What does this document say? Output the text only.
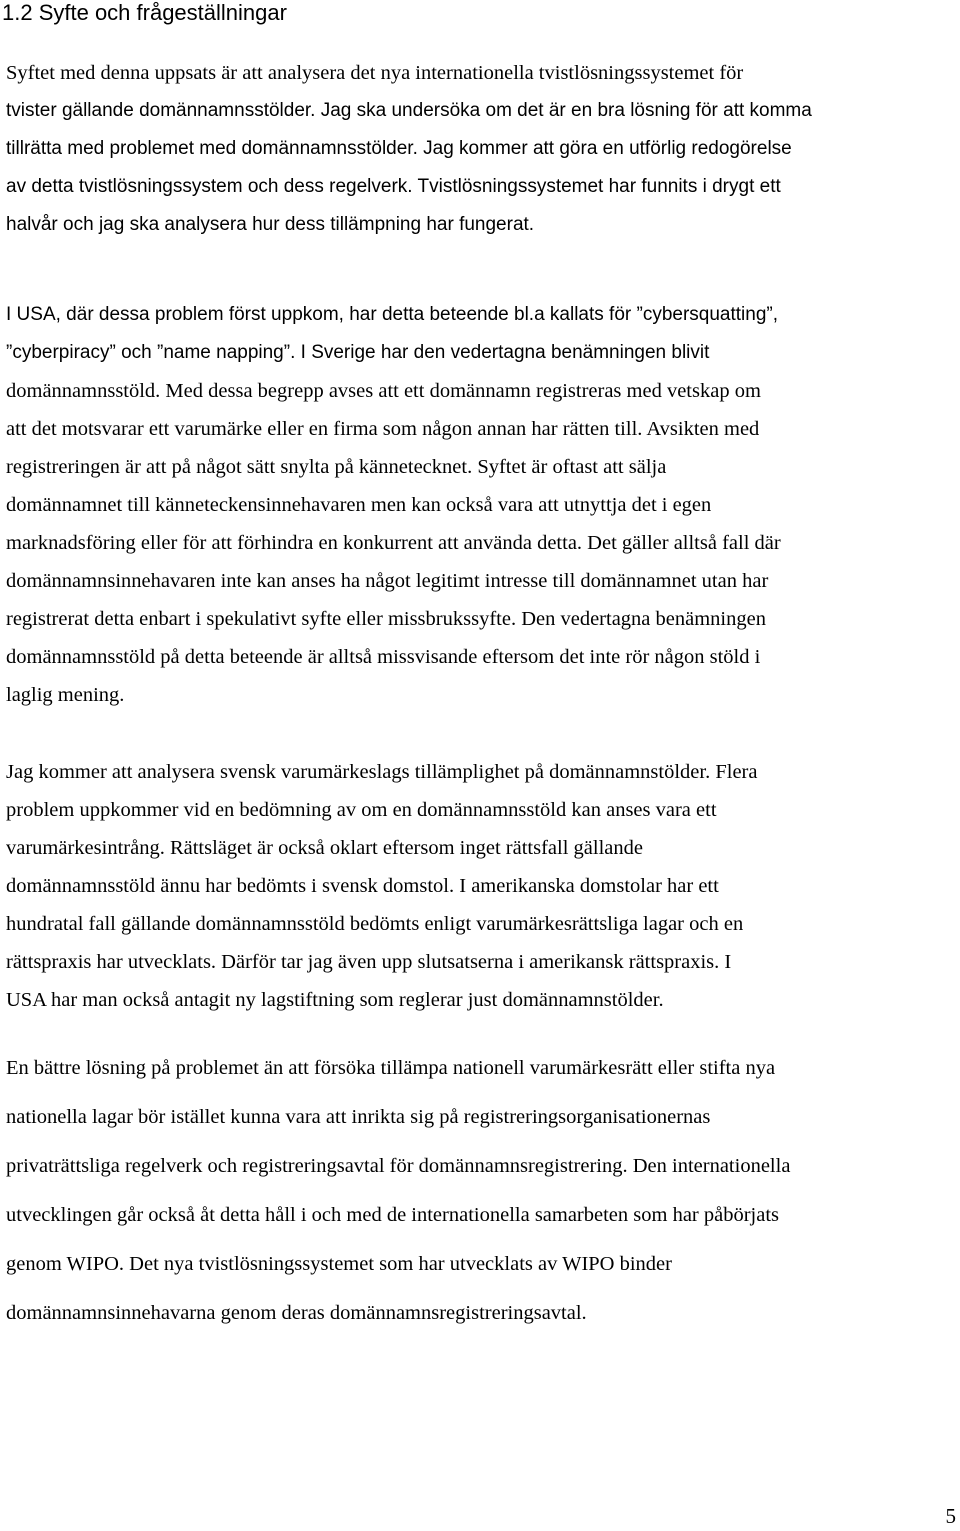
1.2 Syfte och frågeställningar
Syftet med denna uppsats är att analysera det nya internationella tvistlösningssystemet för
tvister gällande domännamnsstölder. Jag ska undersöka om det är en bra lösning för att komma
tillrätta med problemet med domännamnsstölder. Jag kommer att göra en utförlig redogörelse
av detta tvistlösningssystem och dess regelverk. Tvistlösningssystemet har funnits i drygt ett
halvår och jag ska analysera hur dess tillämpning har fungerat.
I USA, där dessa problem först uppkom, har detta beteende bl.a kallats för ”cybersquatting”,
”cyberpiracy” och ”name napping”. I Sverige har den vedertagna benämningen blivit
domännamnsstöld. Med dessa begrepp avses att ett domännamn registreras med vetskap om
att det motsvarar ett varumärke eller en firma som någon annan har rätten till. Avsikten med
registreringen är att på något sätt snylta på kännetecknet. Syftet är oftast att sälja
domännamnet till känneteckensinnehavaren men kan också vara att utnyttja det i egen
marknadsföring eller för att förhindra en konkurrent att använda detta. Det gäller alltså fall där
domännamnsinnehavaren inte kan anses ha något legitimt intresse till domännamnet utan har
registrerat detta enbart i spekulativt syfte eller missbrukssyfte. Den vedertagna benämningen
domännamnsstöld på detta beteende är alltså missvisande eftersom det inte rör någon stöld i
laglig mening.
Jag kommer att analysera svensk varumärkeslags tillämplighet på domännamnstölder. Flera
problem uppkommer vid en bedömning av om en domännamnsstöld kan anses vara ett
varumärkesintrång. Rättsläget är också oklart eftersom inget rättsfall gällande
domännamnsstöld ännu har bedömts i svensk domstol. I amerikanska domstolar har ett
hundratal fall gällande domännamnsstöld bedömts enligt varumärkesrättsliga lagar och en
rättspraxis har utvecklats. Därför tar jag även upp slutsatserna i amerikansk rättspraxis. I
USA har man också antagit ny lagstiftning som reglerar just domännamnstölder.
En bättre lösning på problemet än att försöka tillämpa nationell varumärkesrätt eller stifta nya
nationella lagar bör istället kunna vara att inrikta sig på registreringsorganisationernas
privaträttsliga regelverk och registreringsavtal för domännamnsregistrering. Den internationella
utvecklingen går också åt detta håll i och med de internationella samarbeten som har påbörjats
genom WIPO. Det nya tvistlösningssystemet som har utvecklats av WIPO binder
domännamnsinnehavarna genom deras domännamnsregistreringsavtal.
5
